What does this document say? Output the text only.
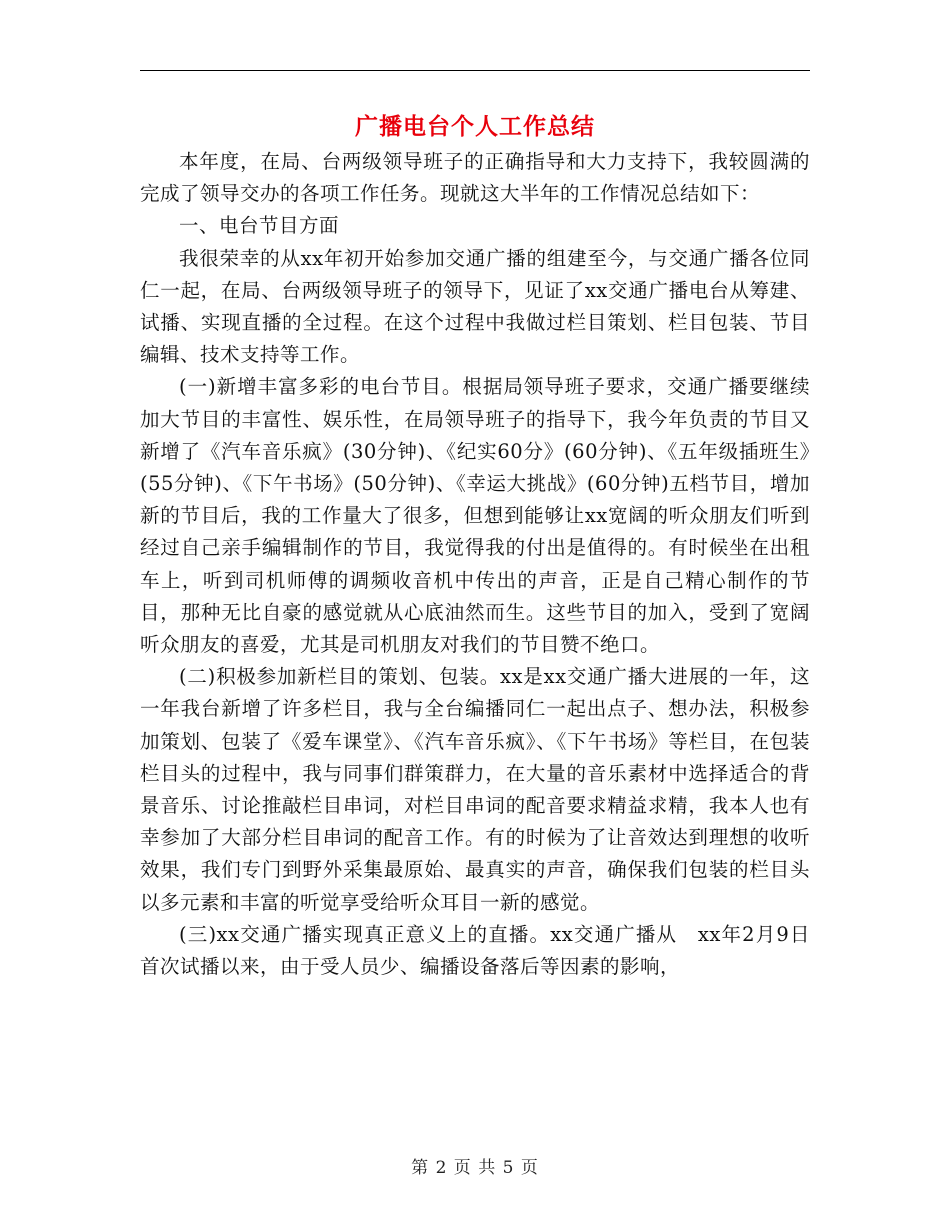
广播电台个人工作总结

本年度，在局、台两级领导班子的正确指导和大力支持下，我较圆满的完成了领导交办的各项工作任务。现就这大半年的工作情况总结如下：

一、电台节目方面

我很荣幸的从xx年初开始参加交通广播的组建至今，与交通广播各位同仁一起，在局、台两级领导班子的领导下，见证了xx交通广播电台从筹建、试播、实现直播的全过程。在这个过程中我做过栏目策划、栏目包装、节目编辑、技术支持等工作。

(一)新增丰富多彩的电台节目。根据局领导班子要求，交通广播要继续加大节目的丰富性、娱乐性，在局领导班子的指导下，我今年负责的节目又新增了《汽车音乐疯》(30分钟)、《纪实60分》(60分钟)、《五年级插班生》(55分钟)、《下午书场》(50分钟)、《幸运大挑战》(60分钟)五档节目，增加新的节目后，我的工作量大了很多，但想到能够让xx宽阔的听众朋友们听到经过自己亲手编辑制作的节目，我觉得我的付出是值得的。有时候坐在出租车上，听到司机师傅的调频收音机中传出的声音，正是自己精心制作的节目，那种无比自豪的感觉就从心底油然而生。这些节目的加入，受到了宽阔听众朋友的喜爱，尤其是司机朋友对我们的节目赞不绝口。

(二)积极参加新栏目的策划、包装。xx是xx交通广播大进展的一年，这一年我台新增了许多栏目，我与全台编播同仁一起出点子、想办法，积极参加策划、包装了《爱车课堂》、《汽车音乐疯》、《下午书场》等栏目，在包装栏目头的过程中，我与同事们群策群力，在大量的音乐素材中选择适合的背景音乐、讨论推敲栏目串词，对栏目串词的配音要求精益求精，我本人也有幸参加了大部分栏目串词的配音工作。有的时候为了让音效达到理想的收听效果，我们专门到野外采集最原始、最真实的声音，确保我们包装的栏目头以多元素和丰富的听觉享受给听众耳目一新的感觉。

(三)xx交通广播实现真正意义上的直播。xx交通广播从　xx年2月9日　首次试播以来，由于受人员少、编播设备落后等因素的影响，

第 2 页 共 5 页
